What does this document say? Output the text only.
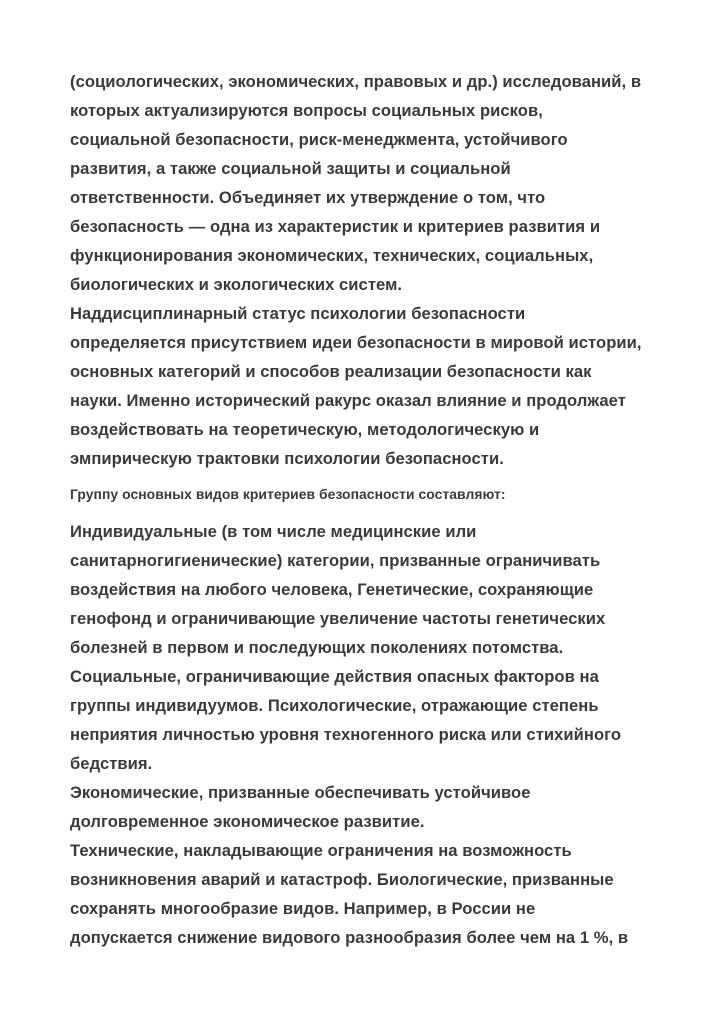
(социологических, экономических, правовых и др.) исследований, в
которых актуализируются вопросы социальных рисков,
социальной безопасности, риск-менеджмента, устойчивого
развития, а также социальной защиты и социальной
ответственности. Объединяет их утверждение о том, что
безопасность — одна из характеристик и критериев развития и
функционирования экономических, технических, социальных,
биологических и экологических систем.
Наддисциплинарный статус психологии безопасности
определяется присутствием идеи безопасности в мировой истории,
основных категорий и способов реализации безопасности как
науки. Именно исторический ракурс оказал влияние и продолжает
воздействовать на теоретическую, методологическую и
эмпирическую трактовки психологии безопасности.
Группу основных видов критериев безопасности составляют:
Индивидуальные (в том числе медицинские или
санитарногигиенические) категории, призванные ограничивать
воздействия на любого человека, Генетические, сохраняющие
генофонд и ограничивающие увеличение частоты генетических
болезней в первом и последующих поколениях потомства.
Социальные, ограничивающие действия опасных факторов на
группы индивидуумов. Психологические, отражающие степень
неприятия личностью уровня техногенного риска или стихийного
бедствия.
Экономические, призванные обеспечивать устойчивое
долговременное экономическое развитие.
Технические, накладывающие ограничения на возможность
возникновения аварий и катастроф. Биологические, призванные
сохранять многообразие видов. Например, в России не
допускается снижение видового разнообразия более чем на 1 %, в
